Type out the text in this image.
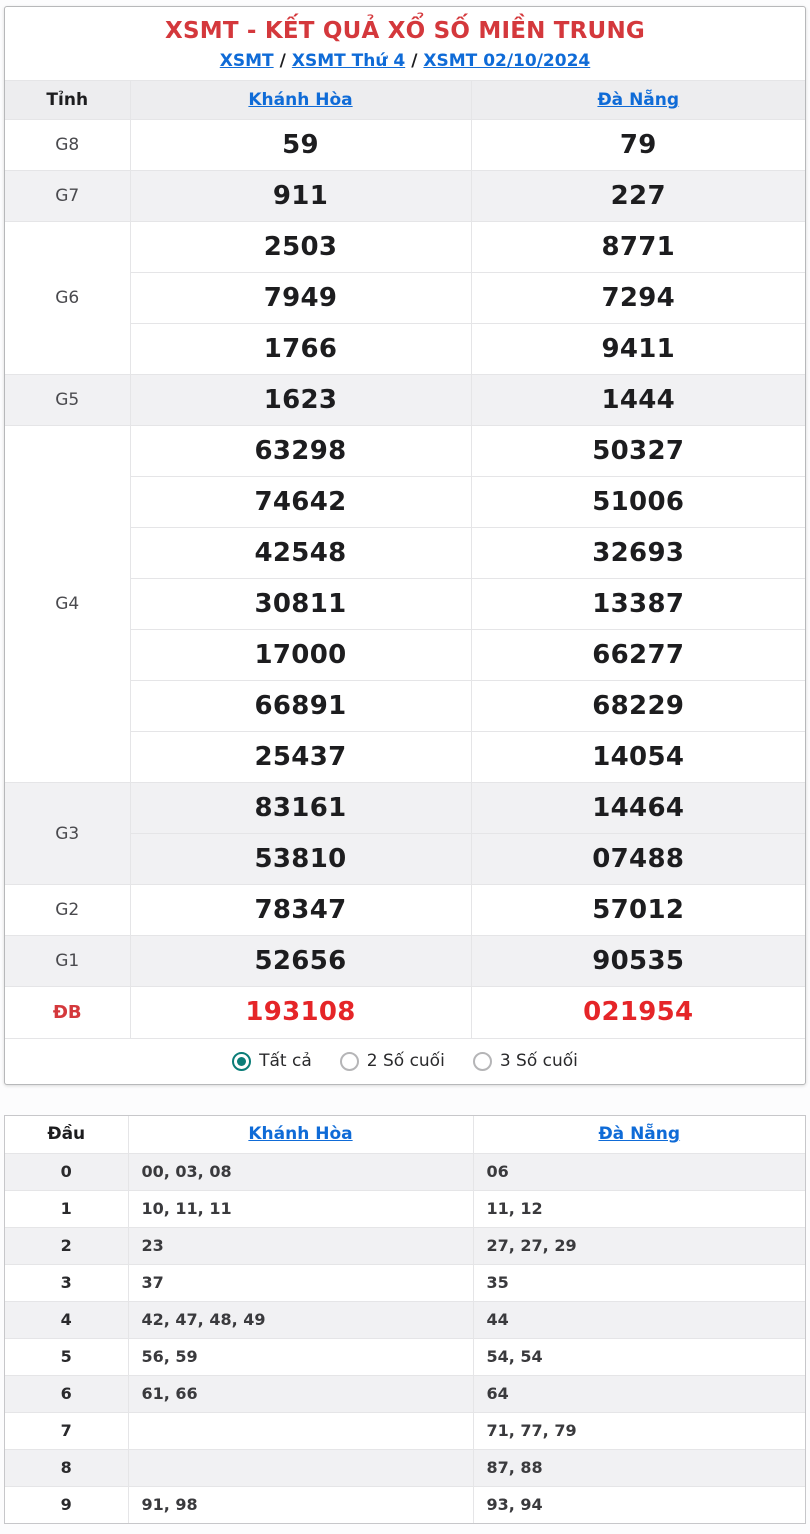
XSMT - KẾT QUẢ XỔ SỐ MIỀN TRUNG
XSMT / XSMT Thứ 4 / XSMT 02/10/2024
Tỉnh	Khánh Hòa	Đà Nẵng
G8	59	79
G7	911	227
G6	2503	8771
	7949	7294
	1766	9411
G5	1623	1444
G4	63298	50327
	74642	51006
	42548	32693
	30811	13387
	17000	66277
	66891	68229
	25437	14054
G3	83161	14464
	53810	07488
G2	78347	57012
G1	52656	90535
ĐB	193108	021954
Tất cả	2 Số cuối	3 Số cuối
Đầu	Khánh Hòa	Đà Nẵng
0	00, 03, 08	06
1	10, 11, 11	11, 12
2	23	27, 27, 29
3	37	35
4	42, 47, 48, 49	44
5	56, 59	54, 54
6	61, 66	64
7		71, 77, 79
8		87, 88
9	91, 98	93, 94
